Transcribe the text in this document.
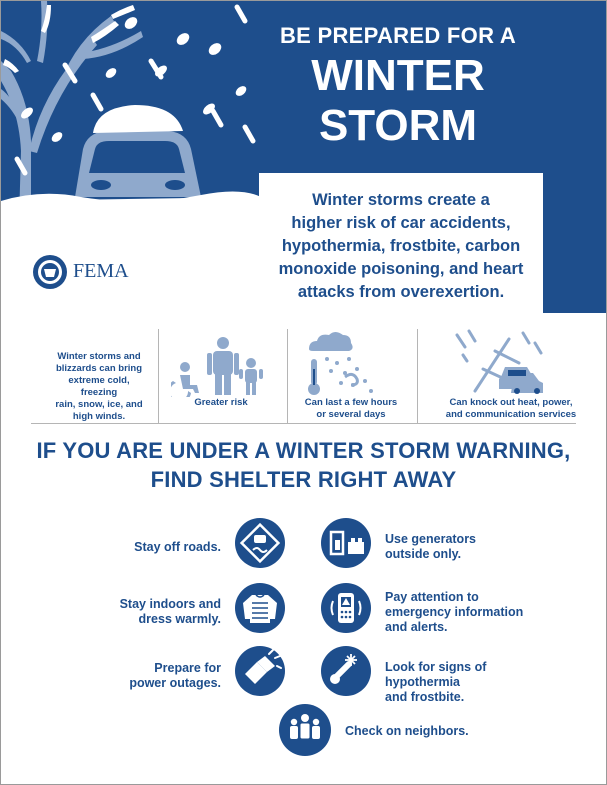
BE PREPARED FOR A
WINTER
STORM
Winter storms create a
higher risk of car accidents,
hypothermia, frostbite, carbon
monoxide poisoning, and heart
attacks from overexertion.
FEMA
FEMA V-1014/June 2018
Winter storms and
blizzards can bring
extreme cold, freezing
rain, snow, ice, and
high winds.
Greater risk	Can last a few hours
or several days
Can knock out heat, power,
and communication services
IF YOU ARE UNDER A WINTER STORM WARNING,
FIND SHELTER RIGHT AWAY
Stay off roads.
Use generators
outside only.
Stay indoors and
dress warmly.
Pay attention to
emergency information
and alerts.
Prepare for
power outages.
Look for signs of hypothermia
and frostbite.
Check on neighbors.
